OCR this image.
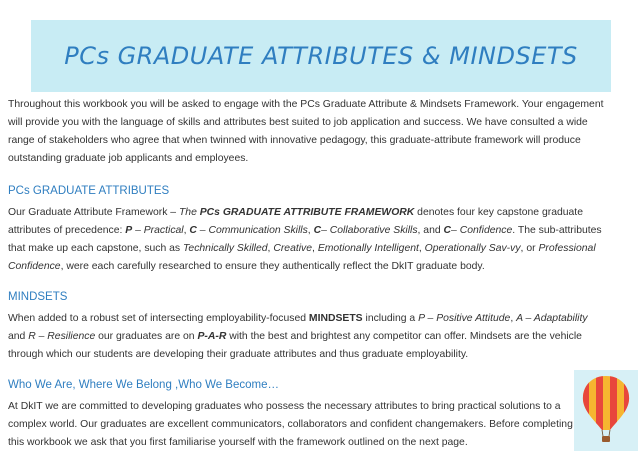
PCs GRADUATE ATTRIBUTES & MINDSETS

Throughout this workbook you will be asked to engage with the PCs Graduate Attribute & Mindsets Framework. Your engagement will provide you with the language of skills and attributes best suited to job application and success. We have consulted a wide range of stakeholders who agree that when twinned with innovative pedagogy, this graduate-attribute framework will produce outstanding graduate job applicants and employees.

PCs GRADUATE ATTRIBUTES

Our Graduate Attribute Framework – The PCs GRADUATE ATTRIBUTE FRAMEWORK denotes four key capstone graduate attributes of precedence: P – Practical, C – Communication Skills, C– Collaborative Skills, and C– Confidence. The sub-attributes that make up each capstone, such as Technically Skilled, Creative, Emotionally Intelligent, Operationally Sav-vy, or Professional Confidence, were each carefully researched to ensure they authentically reflect the DkIT graduate body.

MINDSETS

When added to a robust set of intersecting employability-focused MINDSETS including a P – Positive Attitude, A – Adaptability and R – Resilience our graduates are on P-A-R with the best and brightest any competitor can offer. Mindsets are the vehicle through which our students are developing their graduate attributes and thus graduate employability.

Who We Are, Where We Belong ,Who We Become…

At DkIT we are committed to developing graduates who possess the necessary attributes to bring practical solutions to a complex world. Our graduates are excellent communicators, collaborators and confident changemakers. Before completing this workbook we ask that you first familiarise yourself with the framework outlined on the next page.
